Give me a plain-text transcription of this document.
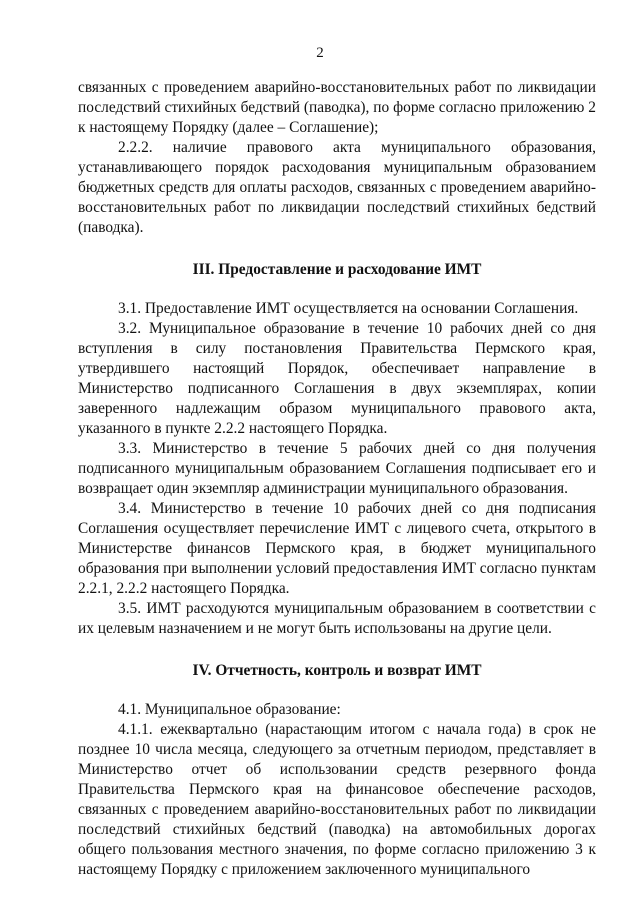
2

связанных с проведением аварийно-восстановительных работ по ликвидации последствий стихийных бедствий (паводка), по форме согласно приложению 2 к настоящему Порядку (далее – Соглашение);

2.2.2. наличие правового акта муниципального образования, устанавливающего порядок расходования муниципальным образованием бюджетных средств для оплаты расходов, связанных с проведением аварийно-восстановительных работ по ликвидации последствий стихийных бедствий (паводка).

III. Предоставление и расходование ИМТ

3.1. Предоставление ИМТ осуществляется на основании Соглашения.

3.2. Муниципальное образование в течение 10 рабочих дней со дня вступления в силу постановления Правительства Пермского края, утвердившего настоящий Порядок, обеспечивает направление в Министерство подписанного Соглашения в двух экземплярах, копии заверенного надлежащим образом муниципального правового акта, указанного в пункте 2.2.2 настоящего Порядка.

3.3. Министерство в течение 5 рабочих дней со дня получения подписанного муниципальным образованием Соглашения подписывает его и возвращает один экземпляр администрации муниципального образования.

3.4. Министерство в течение 10 рабочих дней со дня подписания Соглашения осуществляет перечисление ИМТ с лицевого счета, открытого в Министерстве финансов Пермского края, в бюджет муниципального образования при выполнении условий предоставления ИМТ согласно пунктам 2.2.1, 2.2.2 настоящего Порядка.

3.5. ИМТ расходуются муниципальным образованием в соответствии с их целевым назначением и не могут быть использованы на другие цели.

IV. Отчетность, контроль и возврат ИМТ

4.1. Муниципальное образование:

4.1.1. ежеквартально (нарастающим итогом с начала года) в срок не позднее 10 числа месяца, следующего за отчетным периодом, представляет в Министерство отчет об использовании средств резервного фонда Правительства Пермского края на финансовое обеспечение расходов, связанных с проведением аварийно-восстановительных работ по ликвидации последствий стихийных бедствий (паводка) на автомобильных дорогах общего пользования местного значения, по форме согласно приложению 3 к настоящему Порядку с приложением заключенного муниципального
